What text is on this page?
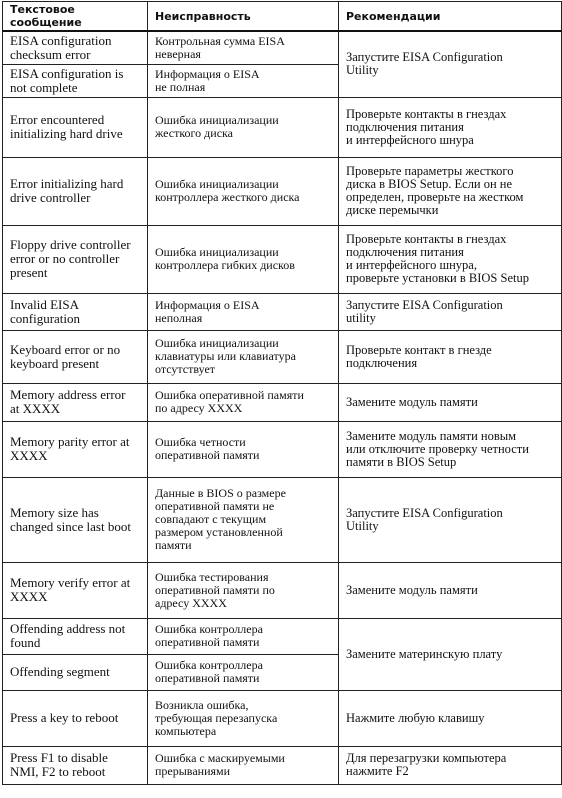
Текстовое
сообщение	Неисправность	Рекомендации

EISA configuration
checksum error	Контрольная сумма EISA
неверная	Запустите EISA Configuration
Utility

EISA configuration is
not complete	Информация о EISA
не полная	

Error encountered
initializing hard drive	Ошибка инициализации
жесткого диска	Проверьте контакты в гнездах
подключения питания
и интерфейсного шнура

Error initializing hard
drive controller	Ошибка инициализации
контроллера жесткого диска	Проверьте параметры жесткого
диска в BIOS Setup. Если он не
определен, проверьте на жестком
диске перемычки

Floppy drive controller
error or no controller
present	Ошибка инициализации
контроллера гибких дисков	Проверьте контакты в гнездах
подключения питания
и интерфейсного шнура,
проверьте установки в BIOS Setup

Invalid EISA
configuration	Информация о EISA
неполная	Запустите EISA Configuration
utility

Keyboard error or no
keyboard present	Ошибка инициализации
клавиатуры или клавиатура
отсутствует	Проверьте контакт в гнезде
подключения

Memory address error
at XXXX	Ошибка оперативной памяти
по адресу XXXX	Замените модуль памяти

Memory parity error at
XXXX	Ошибка четности
оперативной памяти	Замените модуль памяти новым
или отключите проверку четности
памяти в BIOS Setup

Memory size has
changed since last boot	Данные в BIOS о размере
оперативной памяти не
совпадают с текущим
размером установленной
памяти	Запустите EISA Configuration
Utility

Memory verify error at
XXXX	Ошибка тестирования
оперативной памяти по
адресу XXXX	Замените модуль памяти

Offending address not
found	Ошибка контроллера
оперативной памяти	Замените материнскую плату

Offending segment	Ошибка контроллера
оперативной памяти	

Press a key to reboot	Возникла ошибка,
требующая перезапуска
компьютера	Нажмите любую клавишу

Press F1 to disable
NMI, F2 to reboot	Ошибка с маскируемыми
прерываниями	Для перезагрузки компьютера
нажмите F2
